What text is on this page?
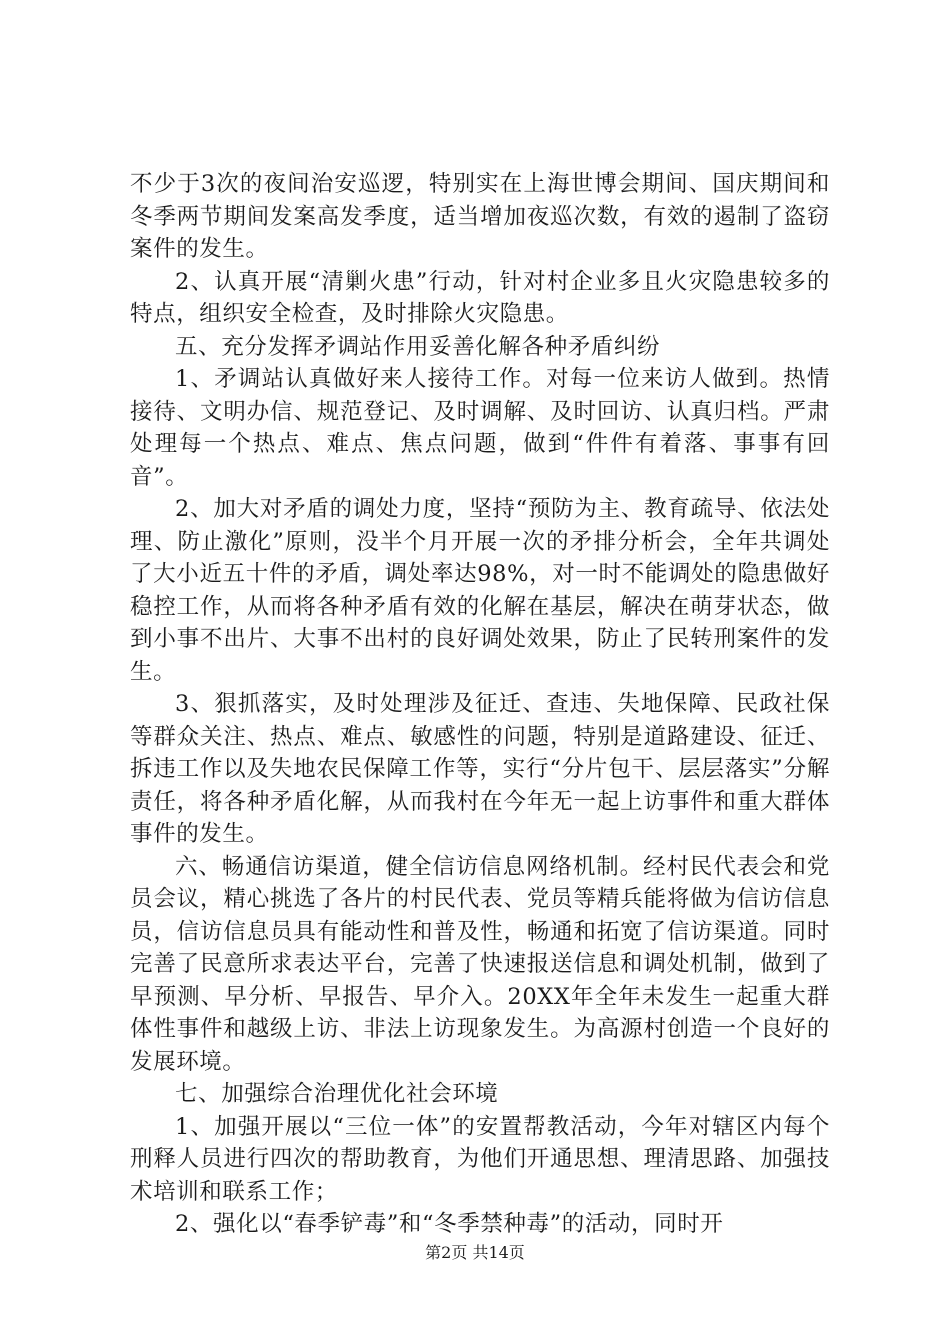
不少于3次的夜间治安巡逻，特别实在上海世博会期间、国庆期间和冬季两节期间发案高发季度，适当增加夜巡次数，有效的遏制了盗窃案件的发生。

2、认真开展“清剿火患”行动，针对村企业多且火灾隐患较多的特点，组织安全检查，及时排除火灾隐患。

五、充分发挥矛调站作用妥善化解各种矛盾纠纷

1、矛调站认真做好来人接待工作。对每一位来访人做到。热情接待、文明办信、规范登记、及时调解、及时回访、认真归档。严肃处理每一个热点、难点、焦点问题，做到“件件有着落、事事有回音”。

2、加大对矛盾的调处力度，坚持“预防为主、教育疏导、依法处理、防止激化”原则，没半个月开展一次的矛排分析会，全年共调处了大小近五十件的矛盾，调处率达98%，对一时不能调处的隐患做好稳控工作，从而将各种矛盾有效的化解在基层，解决在萌芽状态，做到小事不出片、大事不出村的良好调处效果，防止了民转刑案件的发生。

3、狠抓落实，及时处理涉及征迁、查违、失地保障、民政社保等群众关注、热点、难点、敏感性的问题，特别是道路建设、征迁、拆违工作以及失地农民保障工作等，实行“分片包干、层层落实”分解责任，将各种矛盾化解，从而我村在今年无一起上访事件和重大群体事件的发生。

六、畅通信访渠道，健全信访信息网络机制。经村民代表会和党员会议，精心挑选了各片的村民代表、党员等精兵能将做为信访信息员，信访信息员具有能动性和普及性，畅通和拓宽了信访渠道。同时完善了民意所求表达平台，完善了快速报送信息和调处机制，做到了早预测、早分析、早报告、早介入。20XX年全年未发生一起重大群体性事件和越级上访、非法上访现象发生。为高源村创造一个良好的发展环境。

七、加强综合治理优化社会环境

1、加强开展以“三位一体”的安置帮教活动，今年对辖区内每个刑释人员进行四次的帮助教育，为他们开通思想、理清思路、加强技术培训和联系工作；

2、强化以“春季铲毒”和“冬季禁种毒”的活动，同时开

第2页 共14页
